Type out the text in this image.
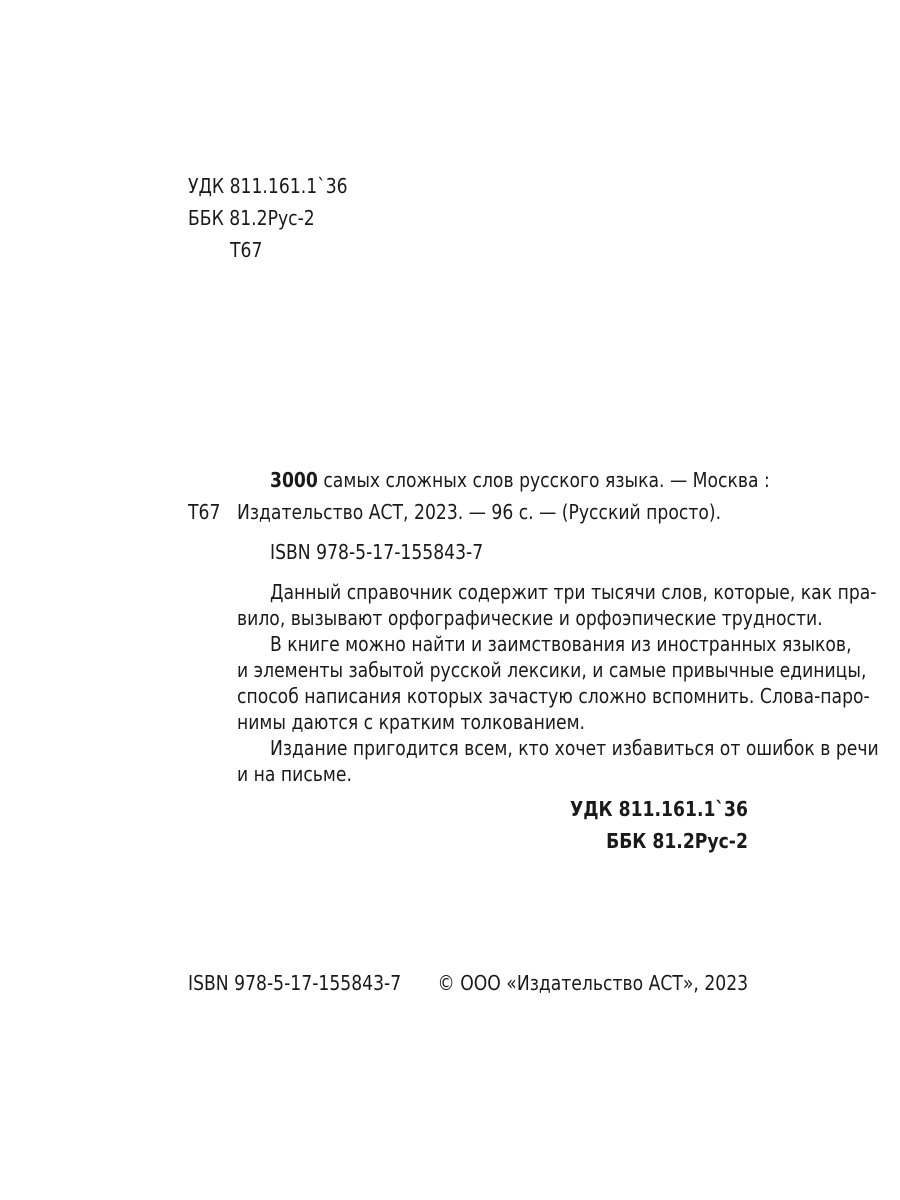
УДК 811.161.1`36
ББК 81.2Рус-2
Т67
3000 самых сложных слов русского языка. — Москва :
Т67 Издательство АСТ, 2023. — 96 с. — (Русский просто).
ISBN 978-5-17-155843-7
Данный справочник содержит три тысячи слов, которые, как пра-
вило, вызывают орфографические и орфоэпические трудности.
В книге можно найти и заимствования из иностранных языков,
и элементы забытой русской лексики, и самые привычные единицы,
способ написания которых зачастую сложно вспомнить. Слова-паро-
нимы даются с кратким толкованием.
Издание пригодится всем, кто хочет избавиться от ошибок в речи
и на письме.
УДК 811.161.1`36
ББК 81.2Рус-2
ISBN 978-5-17-155843-7 © ООО «Издательство АСТ», 2023
